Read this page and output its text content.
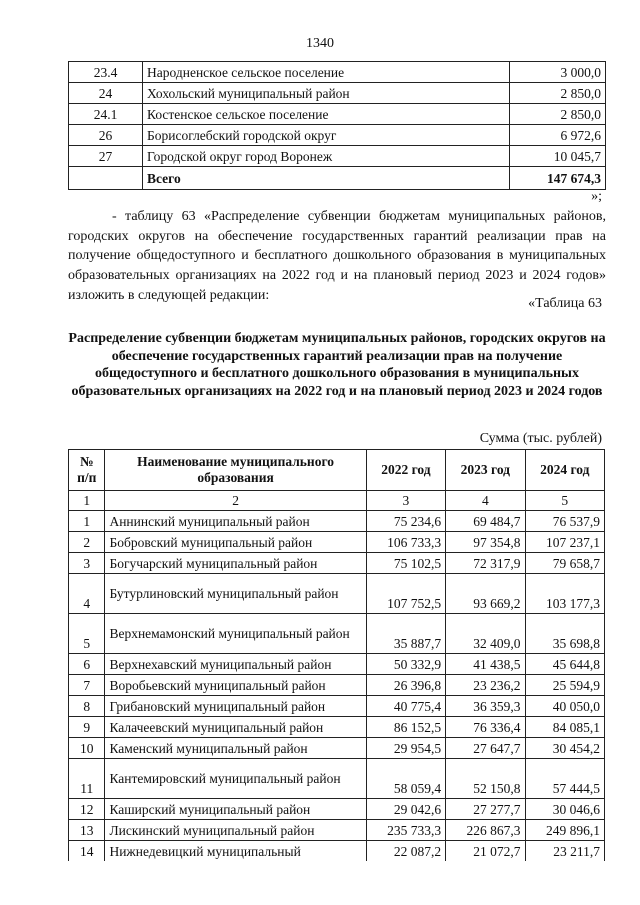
1340
23.4	Народненское сельское поселение	3 000,0
24	Хохольский муниципальный район	2 850,0
24.1	Костенское сельское поселение	2 850,0
26	Борисоглебский городской округ	6 972,6
27	Городской округ город Воронеж	10 045,7
	Всего	147 674,3
»;
- таблицу 63 «Распределение субвенции бюджетам муниципальных районов, городских округов на обеспечение государственных гарантий реализации прав на получение общедоступного и бесплатного дошкольного образования в муниципальных образовательных организациях на 2022 год и на плановый период 2023 и 2024 годов» изложить в следующей редакции:
«Таблица 63
Распределение субвенции бюджетам муниципальных районов, городских округов на обеспечение государственных гарантий реализации прав на получение общедоступного и бесплатного дошкольного образования в муниципальных образовательных организациях на 2022 год и на плановый период 2023 и 2024 годов
Сумма (тыс. рублей)
№ п/п	Наименование муниципального образования	2022 год	2023 год	2024 год
1	2	3	4	5
1	Аннинский муниципальный район	75 234,6	69 484,7	76 537,9
2	Бобровский муниципальный район	106 733,3	97 354,8	107 237,1
3	Богучарский муниципальный район	75 102,5	72 317,9	79 658,7
4	Бутурлиновский муниципальный район	107 752,5	93 669,2	103 177,3
5	Верхнемамонский муниципальный район	35 887,7	32 409,0	35 698,8
6	Верхнехавский муниципальный район	50 332,9	41 438,5	45 644,8
7	Воробьевский муниципальный район	26 396,8	23 236,2	25 594,9
8	Грибановский муниципальный район	40 775,4	36 359,3	40 050,0
9	Калачеевский муниципальный район	86 152,5	76 336,4	84 085,1
10	Каменский муниципальный район	29 954,5	27 647,7	30 454,2
11	Кантемировский муниципальный район	58 059,4	52 150,8	57 444,5
12	Каширский муниципальный район	29 042,6	27 277,7	30 046,6
13	Лискинский муниципальный район	235 733,3	226 867,3	249 896,1
14	Нижнедевицкий муниципальный	22 087,2	21 072,7	23 211,7
